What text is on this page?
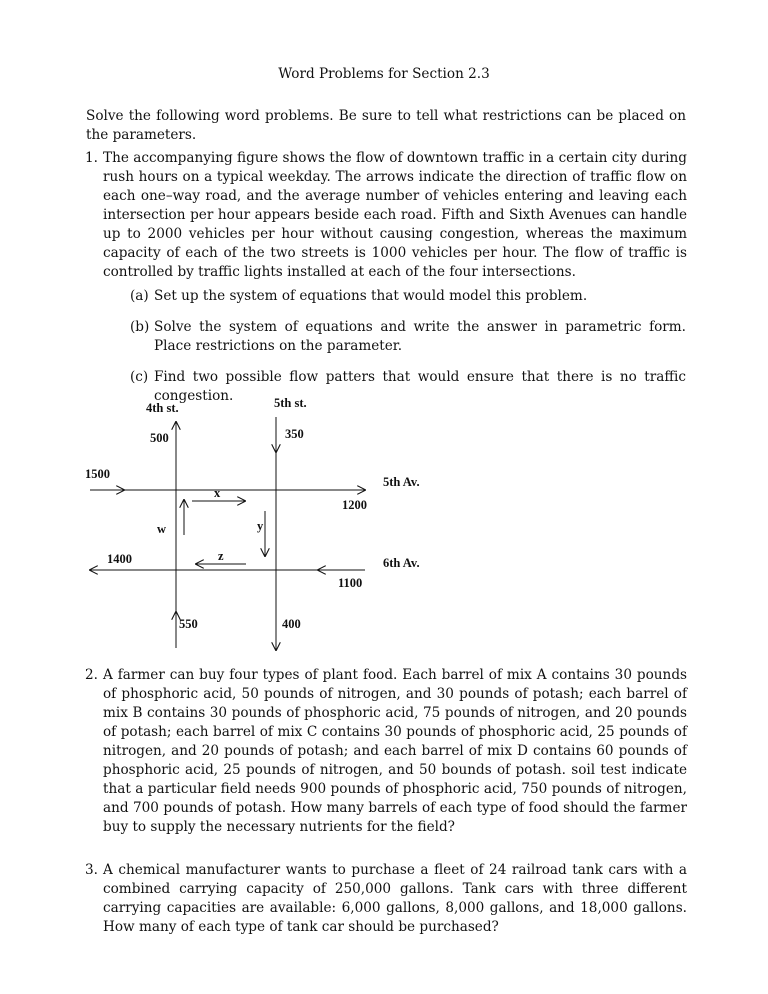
Word Problems for Section 2.3
Solve the following word problems. Be sure to tell what restrictions can be placed on the parameters.
1. The accompanying figure shows the flow of downtown traffic in a certain city during rush hours on a typical weekday. The arrows indicate the direction of traffic flow on each one–way road, and the average number of vehicles entering and leaving each intersection per hour appears beside each road. Fifth and Sixth Avenues can handle up to 2000 vehicles per hour without causing congestion, whereas the maximum capacity of each of the two streets is 1000 vehicles per hour. The flow of traffic is controlled by traffic lights installed at each of the four intersections.
(a) Set up the system of equations that would model this problem.
(b) Solve the system of equations and write the answer in parametric form. Place restrictions on the parameter.
(c) Find two possible flow patters that would ensure that there is no traffic congestion.
4th st.	5th st.
500	350
1500
5th Av.
x
1200
y
w
1400	z	6th Av.
1100
550	400
2. A farmer can buy four types of plant food. Each barrel of mix A contains 30 pounds of phosphoric acid, 50 pounds of nitrogen, and 30 pounds of potash; each barrel of mix B contains 30 pounds of phosphoric acid, 75 pounds of nitrogen, and 20 pounds of potash; each barrel of mix C contains 30 pounds of phosphoric acid, 25 pounds of nitrogen, and 20 pounds of potash; and each barrel of mix D contains 60 pounds of phosphoric acid, 25 pounds of nitrogen, and 50 bounds of potash. soil test indicate that a particular field needs 900 pounds of phosphoric acid, 750 pounds of nitrogen, and 700 pounds of potash. How many barrels of each type of food should the farmer buy to supply the necessary nutrients for the field?
3. A chemical manufacturer wants to purchase a fleet of 24 railroad tank cars with a combined carrying capacity of 250,000 gallons. Tank cars with three different carrying capacities are available: 6,000 gallons, 8,000 gallons, and 18,000 gallons. How many of each type of tank car should be purchased?
